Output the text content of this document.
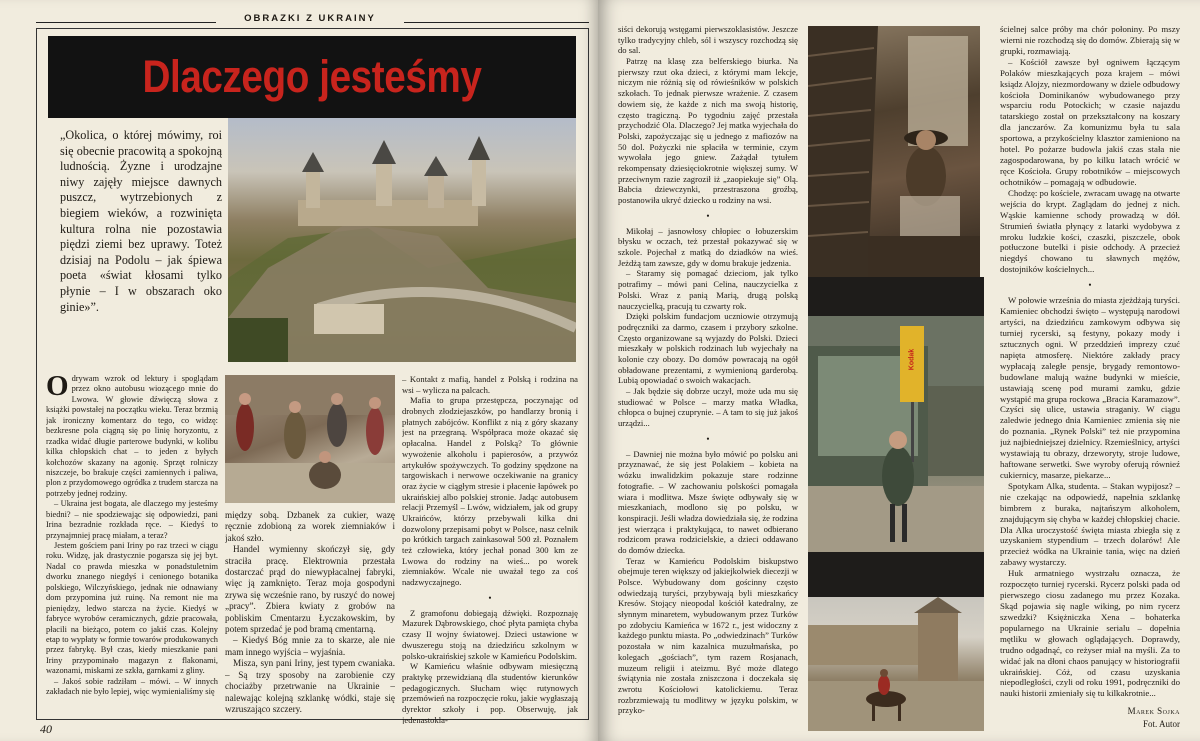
OBRAZKI Z UKRAINY
Dlaczego jesteśmy
„Okolica, o której mówimy, roi się obecnie pracowitą a spokojną ludnością. Żyzne i urodzajne niwy zajęły miejsce dawnych puszcz, wytrzebionych z biegiem wieków, a rozwinięta kultura rolna nie pozostawia piędzi ziemi bez uprawy. Toteż dzisiaj na Podolu – jak śpiewa poeta «świat kłosami tylko płynie – I w obszarach oko ginie»”.

Odrywam wzrok od lektury i spoglądam przez okno autobusu wiozącego mnie do Lwowa. W głowie dźwięczą słowa z książki powstałej na początku wieku. Teraz brzmią jak ironiczny komentarz do tego, co widzę: bezkresne pola ciągną się po linię horyzontu, z rzadka widać długie parterowe budynki, w kolibu kilka chłopskich chat – to jeden z byłych kołchozów skazany na agonię. Sprzęt rolniczy niszczeje, bo brakuje części zamiennych i paliwa, plon z przydomowego ogródka z trudem starcza na potrzeby jednej rodziny.

– Ukraina jest bogata, ale dlaczego my jesteśmy biedni? – nie spodziewając się odpowiedzi, pani Irina bezradnie rozkłada ręce. – Kiedyś to przynajmniej pracę miałam, a teraz?

Jestem gościem pani Iriny po raz trzeci w ciągu roku. Widzę, jak drastycznie pogarsza się jej byt. Nadal co prawda mieszka w ponadstuletnim dworku znanego niegdyś i cenionego botanika polskiego, Wilczyńskiego, jednak nie odnawiany dom przypomina już ruinę. Na remont nie ma pieniędzy, ledwo starcza na życie. Kiedyś w fabryce wyrobów ceramicznych, gdzie pracowała, płacili na bieżąco, potem co jakiś czas. Kolejny etap to wypłaty w formie towarów produkowanych przez fabrykę. Był czas, kiedy mieszkanie pani Iriny przypominało magazyn z flakonami, wazonami, miskami ze szkła, garnkami z gliny.

– Jakoś sobie radziłam – mówi. – W innych zakładach nie było lepiej, więc wymienialiśmy się

między sobą. Dzbanek za cukier, wazę ręcznie zdobioną za worek ziemniaków i jakoś szło.

Handel wymienny skończył się, gdy straciła pracę. Elektrownia przestała dostarczać prąd do niewypłacalnej fabryki, więc ją zamknięto. Teraz moja gospodyni zrywa się wcześnie rano, by ruszyć do nowej „pracy”. Zbiera kwiaty z grobów na pobliskim Cmentarzu Łyczakowskim, by potem sprzedać je pod bramą cmentarną.

– Kiedyś Bóg mnie za to skarze, ale nie mam innego wyjścia – wyjaśnia.

Misza, syn pani Iriny, jest typem cwaniaka. – Są trzy sposoby na zarobienie czy chociażby przetrwanie na Ukrainie – nalewając kolejną szklankę wódki, staje się wzruszająco szczery.

– Kontakt z mafią, handel z Polską i rodzina na wsi – wylicza na palcach.

Mafia to grupa przestępcza, poczynając od drobnych złodziejaszków, po handlarzy bronią i płatnych zabójców. Konflikt z nią z góry skazany jest na przegraną. Współpraca może okazać się opłacalna. Handel z Polską? To głównie wywożenie alkoholu i papierosów, a przywóz artykułów spożywczych. To godziny spędzone na targowiskach i nerwowe oczekiwanie na granicy oraz życie w ciągłym stresie i płacenie łapówek po ukraińskiej albo polskiej stronie. Jadąc autobusem relacji Przemyśl – Lwów, widziałem, jak od grupy Ukraińców, którzy przebywali kilka dni dozwolony przepisami pobyt w Polsce, nasz celnik po krótkich targach zainkasował 500 zł. Poznałem też człowieka, który jechał ponad 300 km ze Lwowa do rodziny na wieś... po worek ziemniaków. Wcale nie uważał tego za coś nadzwyczajnego.

•

Z gramofonu dobiegają dźwięki. Rozpoznaję Mazurek Dąbrowskiego, choć płyta pamięta chyba czasy II wojny światowej. Dzieci ustawione w dwuszeregu stoją na dziedzińcu szkolnym w polsko-ukraińskiej szkole w Kamieńcu Podolskim.

W Kamieńcu właśnie odbywam miesięczną praktykę przewidzianą dla studentów kierunków pedagogicznych. Słucham więc rutynowych przemówień na rozpoczęcie roku, jakie wygłaszają dyrektor szkoły i pop. Obserwuję, jak jedenastokla-

40

siści dekorują wstęgami pierwszoklasistów. Jeszcze tylko tradycyjny chleb, sól i wszyscy rozchodzą się do sal.

Patrzę na klasę zza belferskiego biurka. Na pierwszy rzut oka dzieci, z którymi mam lekcje, niczym nie różnią się od rówieśników w polskich szkołach. To jednak pierwsze wrażenie. Z czasem dowiem się, że każde z nich ma swoją historię, często tragiczną. Po tygodniu zajęć przestała przychodzić Ola. Dlaczego? Jej matka wyjechała do Polski, zapożyczając się u jednego z mafiozów na 50 dol. Pożyczki nie spłaciła w terminie, czym wywołała jego gniew. Zażądał tytułem rekompensaty dziesięciokrotnie większej sumy. W przeciwnym razie zagroził iż „zaopiekuje się” Olą. Babcia dziewczynki, przestraszona groźbą, postanowiła ukryć dziecko u rodziny na wsi.

•

Mikołaj – jasnowłosy chłopiec o łobuzerskim błysku w oczach, też przestał pokazywać się w szkole. Pojechał z matką do dziadków na wieś. Jeżdżą tam zawsze, gdy w domu brakuje jedzenia.

– Staramy się pomagać dzieciom, jak tylko potrafimy – mówi pani Celina, nauczycielka z Polski. Wraz z panią Marią, drugą polską nauczycielką, pracują tu czwarty rok.

Dzięki polskim fundacjom uczniowie otrzymują podręczniki za darmo, czasem i przybory szkolne. Często organizowane są wyjazdy do Polski. Dzieci mieszkały w polskich rodzinach lub wyjechały na kolonie czy obozy. Do domów powracają na ogół obładowane prezentami, z wymienioną garderobą. Lubią opowiadać o swoich wakacjach.

– Jak będzie się dobrze uczył, może uda mu się studiować w Polsce – marzy matka Władka, chłopca o bujnej czuprynie. – A tam to się już jakoś urządzi...

•

– Dawniej nie można było mówić po polsku ani przyznawać, że się jest Polakiem – kobieta na wózku inwalidzkim pokazuje stare rodzinne fotografie. – W zachowaniu polskości pomagała wiara i modlitwa. Msze święte odbywały się w mieszkaniach, modlono się po polsku, w konspiracji. Jeśli władza dowiedziała się, że rodzina jest wierząca i praktykująca, to nawet odbierano rodzicom prawa rodzicielskie, a dzieci oddawano do domów dziecka.

Teraz w Kamieńcu Podolskim biskupstwo obejmuje teren większy od jakiejkolwiek diecezji w Polsce. Wybudowany dom gościnny często odwiedzają turyści, przybywają byli mieszkańcy Kresów. Stojący nieopodal kościół katedralny, ze słynnym minaretem, wybudowanym przez Turków po zdobyciu Kamieńca w 1672 r., jest widoczny z każdego punktu miasta. Po „odwiedzinach” Turków pozostała w nim kazalnica muzułmańska, po kolegach „gościach”, tym razem Rosjanach, muzeum religii i ateizmu. Być może dlatego świątynia nie została zniszczona i doczekała się zwrotu Kościołowi katolickiemu. Teraz rozbrzmiewają tu modlitwy w języku polskim, w przyko-

Kodak

ścielnej salce próby ma chór połoniny. Po mszy wierni nie rozchodzą się do domów. Zbierają się w grupki, rozmawiają.

– Kościół zawsze był ogniwem łączącym Polaków mieszkających poza krajem – mówi ksiądz Alojzy, niezmordowany w dziele odbudowy kościoła Dominikanów wybudowanego przy wsparciu rodu Potockich; w czasie najazdu tatarskiego został on przekształcony na koszary dla janczarów. Za komunizmu była tu sala sportowa, a przykościelny klasztor zamieniono na hotel. Po pożarze budowla jakiś czas stała nie zagospodarowana, by po kilku latach wrócić w ręce Kościoła. Grupy robotników – miejscowych ochotników – pomagają w odbudowie.

Chodzę: po kościele, zwracam uwagę na otwarte wejścia do krypt. Zaglądam do jednej z nich. Wąskie kamienne schody prowadzą w dół. Strumień światła płynący z latarki wydobywa z mroku ludzkie kości, czaszki, piszczele, obok potłuczone butelki i pisie odchody. A przecież niegdyś chowano tu sławnych mężów, dostojników kościelnych...

•

W połowie września do miasta zjeżdżają turyści. Kamieniec obchodzi święto – występują narodowi artyści, na dziedzińcu zamkowym odbywa się turniej rycerski, są festyny, pokazy mody i sztucznych ogni. W przeddzień imprezy czuć napięta atmosferę. Niektóre zakłady pracy wypłacają zaległe pensje, brygady remontowo-budowlane malują ważne budynki w mieście, ustawiają scenę pod murami zamku, gdzie wystąpić ma grupa rockowa „Bracia Karamazow”. Czyści się ulice, ustawia straganiy. W ciągu zaledwie jednego dnia Kamieniec zmienia się nie do poznania. „Rynek Polski” też nie przypomina już najbiedniejszej dzielnicy. Rzemieślnicy, artyści wystawiają tu obrazy, drzeworyty, stroje ludowe, haftowane serwetki. Swe wyroby oferują równieź cukiernicy, masarze, piekarze...

Spotykam Alka, studenta. – Stakan wypijosz? – nie czekając na odpowiedź, napełnia szklankę bimbrem z buraka, najtańszym alkoholem, znajdującym się chyba w każdej chłopskiej chacie. Dla Alka uroczystość święta miasta zbiegła się z uzyskaniem stypendium – trzech dolarów! Ale przecież wódka na Ukrainie tania, więc na dzień zabawy wystarczy.

Huk armatniego wystrzału oznacza, że rozpoczęto turniej rycerski. Rycerz polski pada od pierwszego ciosu zadanego mu przez Kozaka. Skąd pojawia się nagle wiking, po nim rycerz szwedzki? Księżniczka Xena – bohaterka popularnego na Ukrainie serialu – dopełnia mętliku w głowach oglądających. Doprawdy, trudno odgadnąć, co reżyser miał na myśli. Za to widać jak na dłoni chaos panujący w historiografii ukraińskiej. Cóż, od czasu uzyskania niepodległości, czyli od roku 1991, podręczniki do nauki historii zmieniały się tu kilkakrotnie...

Marek Sojka
Fot. Autor
